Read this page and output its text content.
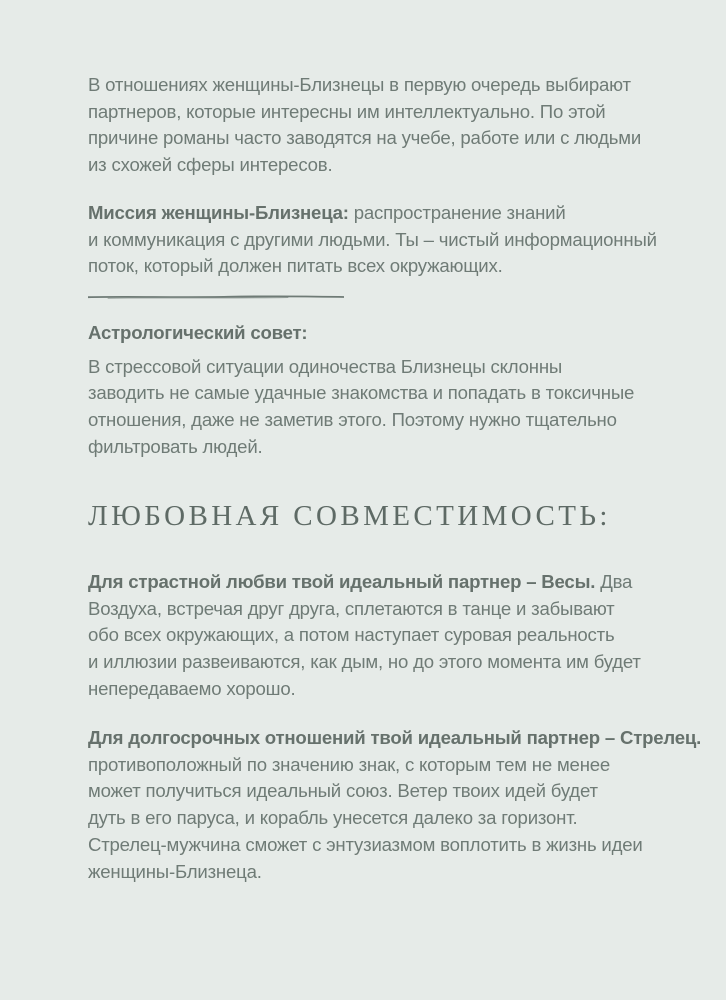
В отношениях женщины-Близнецы в первую очередь выбирают
партнеров, которые интересны им интеллектуально. По этой
причине романы часто заводятся на учебе, работе или с людьми
из схожей сферы интересов.
Миссия женщины-Близнеца: распространение знаний
и коммуникация с другими людьми. Ты – чистый информационный
поток, который должен питать всех окружающих.
Астрологический совет:
В стрессовой ситуации одиночества Близнецы склонны
заводить не самые удачные знакомства и попадать в токсичные
отношения, даже не заметив этого. Поэтому нужно тщательно
фильтровать людей.
ЛЮБОВНАЯ СОВМЕСТИМОСТЬ:
Для страстной любви твой идеальный партнер – Весы. Два
Воздуха, встречая друг друга, сплетаются в танце и забывают
обо всех окружающих, а потом наступает суровая реальность
и иллюзии развеиваются, как дым, но до этого момента им будет
непередаваемо хорошо.
Для долгосрочных отношений твой идеальный партнер – Стрелец.
противоположный по значению знак, с которым тем не менее
может получиться идеальный союз. Ветер твоих идей будет
дуть в его паруса, и корабль унесется далеко за горизонт.
Стрелец-мужчина сможет с энтузиазмом воплотить в жизнь идеи
женщины-Близнеца.
